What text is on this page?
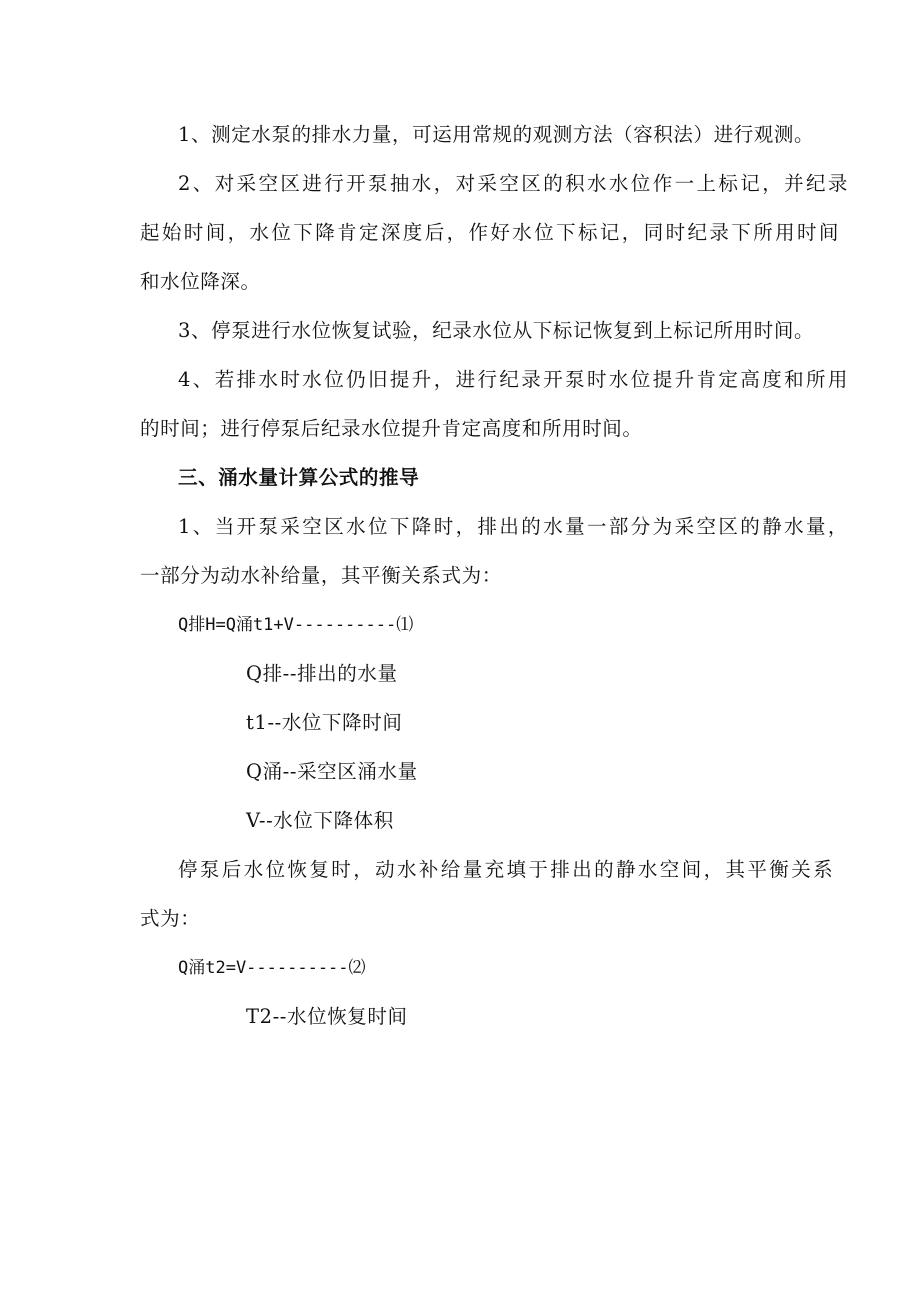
1、测定水泵的排水力量，可运用常规的观测方法（容积法）进行观测。

2、对采空区进行开泵抽水，对采空区的积水水位作一上标记，并纪录

起始时间，水位下降肯定深度后，作好水位下标记，同时纪录下所用时间

和水位降深。

3、停泵进行水位恢复试验，纪录水位从下标记恢复到上标记所用时间。

4、若排水时水位仍旧提升，进行纪录开泵时水位提升肯定高度和所用

的时间；进行停泵后纪录水位提升肯定高度和所用时间。

三、涌水量计算公式的推导

1、当开泵采空区水位下降时，排出的水量一部分为采空区的静水量，

一部分为动水补给量，其平衡关系式为：

Q排H=Q涌t1+V----------⑴

Q排--排出的水量

t1--水位下降时间

Q涌--采空区涌水量

V--水位下降体积

停泵后水位恢复时，动水补给量充填于排出的静水空间，其平衡关系

式为：

Q涌t2=V----------⑵

T2--水位恢复时间
